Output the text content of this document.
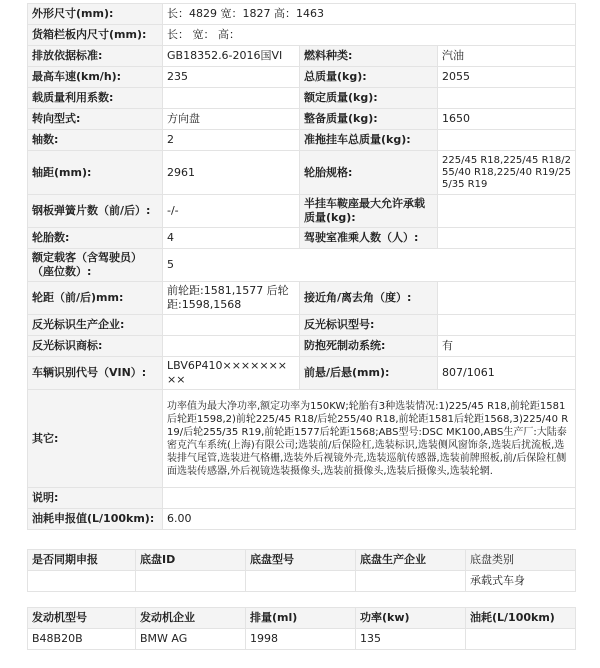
外形尺寸(mm):	长：4829 宽：1827 高：1463		
货箱栏板内尺寸(mm):	长： 宽： 高：		
排放依据标准:	GB18352.6-2016国VI	燃料种类:	汽油
最高车速(km/h):	235	总质量(kg):	2055
载质量利用系数:		额定质量(kg):	
转向型式:	方向盘	整备质量(kg):	1650
轴数:	2	准拖挂车总质量(kg):	
轴距(mm):	2961	轮胎规格:	225/45 R18,225/45 R18/255/40 R18,225/40 R19/255/35 R19
钢板弹簧片数（前/后）:	-/-	半挂车鞍座最大允许承载质量(kg):	
轮胎数:	4	驾驶室准乘人数（人）:	
额定载客（含驾驶员）（座位数）:	5		
轮距（前/后)mm:	前轮距:1581,1577 后轮距:1598,1568	接近角/离去角（度）:	
反光标识生产企业:		反光标识型号:	
反光标识商标:		防抱死制动系统:	有
车辆识别代号（VIN）:	LBV6P410×××××××××	前悬/后悬(mm):	807/1061
其它:	功率值为最大净功率,额定功率为150KW;轮胎有3种选装情况:1)225/45 R18,前轮距1581后轮距1598,2)前轮225/45 R18/后轮255/40 R18,前轮距1581后轮距1568,3)225/40 R19/后轮255/35 R19,前轮距1577后轮距1568;ABS型号:DSC MK100,ABS生产厂:大陆泰密克汽车系统(上海)有限公司;选装前/后保险杠,选装标识,选装侧风窗饰条,选装后扰流板,选装排气尾管,选装进气格栅,选装外后视镜外壳,选装巡航传感器,选装前牌照板,前/后保险杠侧面选装传感器,外后视镜选装摄像头,选装前摄像头,选装后摄像头,选装轮辋.		
说明:			
油耗申报值(L/100km):	6.00		
是否同期申报	底盘ID	底盘型号	底盘生产企业	底盘类别
				承载式车身
发动机型号	发动机企业	排量(ml)	功率(kw)	油耗(L/100km)
B48B20B	BMW AG	1998	135	
